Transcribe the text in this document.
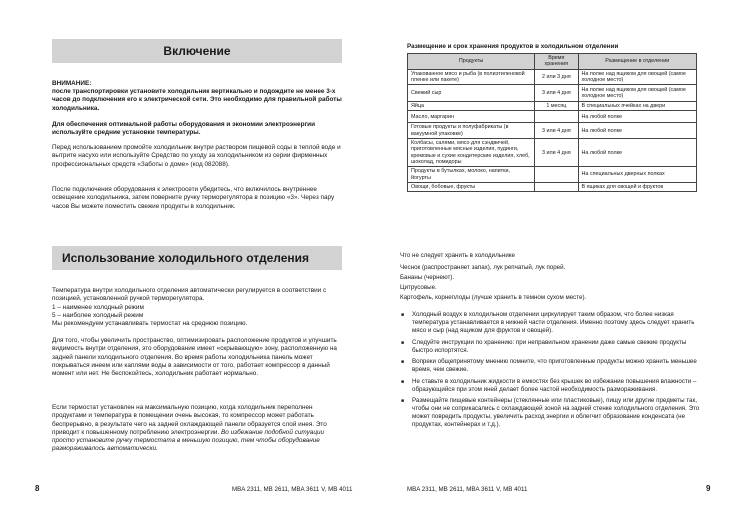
Включение

ВНИМАНИЕ:

после транспортировки установите холодильник вертикально и подождите не менее 3-х часов до подключения его к электрической сети. Это необходимо для правильной работы холодильника.

Для обеспечения оптимальной работы оборудования и экономии электроэнергии используйте средние установки температуры.

Перед использованием промойте холодильник внутри раствором пищевой соды в теплой воде и вытрите насухо или используйте Средство по уходу за холодильником из серии фирменных профессиональных средств «Заботы о доме» (код 082088).

После подключения оборудования к электросети убедитесь, что включилось внутреннее освещение холодильника, затем поверните ручку терморегулятора в позицию «3». Через пару часов Вы можете поместить свежие продукты в холодильник.

Использование холодильного отделения

Температура внутри холодильного отделения автоматически регулируется в соответствии с позицией, установленной ручкой терморегулятора.

1 – наименее холодный режим

5 – наиболее холодный режим

Мы рекомендуем устанавливать термостат на среднюю позицию.

Для того, чтобы увеличить пространство, оптимизировать расположение продуктов и улучшить видимость внутри отделения, это оборудование имеет «скрывающую» зону, расположенную на задней панели холодильного отделения. Во время работы холодильника панель может покрываться инеем или каплями воды в зависимости от того, работает компрессор в данный момент или нет. Не беспокойтесь, холодильник работает нормально.

Если термостат установлен на максимальную позицию, когда холодильник переполнен продуктами и температура в помещении очень высокая, то компрессор может работать беспрерывно, в результате чего на задней охлаждающей панели образуется слой инея. Это приводит к повышенному потреблению электроэнергии. Во избежание подобной ситуации просто установите ручку термостата в меньшую позицию, тем чтобы оборудование размораживалось автоматически.

8	MBA 2311, MB 2611, MBA 3611 V, MB 4011

Размещение и срок хранения продуктов в холодильном отделении

Продукты	Время хранения	Размещение в отделении
Упакованное мясо и рыба (в полиэтиленовой пленке или пакете)	2 или 3 дня	На полке над ящиком для овощей (самое холодное место)
Свежий сыр	3 или 4 дня	На полке над ящиком для овощей (самое холодное место)
Яйца	1 месяц	В специальных ячейках на двери
Масло, маргарин		На любой полке
Готовые продукты и полуфабрикаты (в вакуумной упаковке)	3 или 4 дня	На любой полке
Колбасы, салями, мясо для сэндвичей, приготовленные мясные изделия, пудинги, кремовые и сухие кондитерские изделия, хлеб, шоколад, помидоры	3 или 4 дня	На любой полке
Продукты в бутылках, молоко, напитки, йогурты		На специальных дверных полках
Овощи, бобовые, фрукты		В ящиках для овощей и фруктов

Что не следует хранить в холодильнике

Чеснок (распространяет запах), лук репчатый, лук порей.

Бананы (чернеют).

Цитрусовые.

Картофель, корнеплоды (лучше хранить в темном сухом месте).

■ Холодный воздух в холодильном отделении циркулирует таким образом, что более низкая температура устанавливается в нижней части отделения. Именно поэтому здесь следует хранить мясо и сыр (над ящиком для фруктов и овощей).
■ Следуйте инструкции по хранению: при неправильном хранении даже самые свежие продукты быстро испортятся.
■ Вопреки общепринятому мнению помните, что приготовленные продукты можно хранить меньшее время, чем свежие.
■ Не ставьте в холодильник жидкости в емкостях без крышек во избежание повышения влажности – образующийся при этом иней делает более частой необходимость размораживания.
■ Размещайте пищевые контейнеры (стеклянные или пластиковые), пищу или другие предметы так, чтобы они не соприкасались с охлаждающей зоной на задней стенке холодильного отделения. Это может повредить продукты, увеличить расход энергии и облегчит образование конденсата (не продуктах, контейнерах и т.д.).
MBA 2311, MB 2611, MBA 3611 V, MB 4011	9
